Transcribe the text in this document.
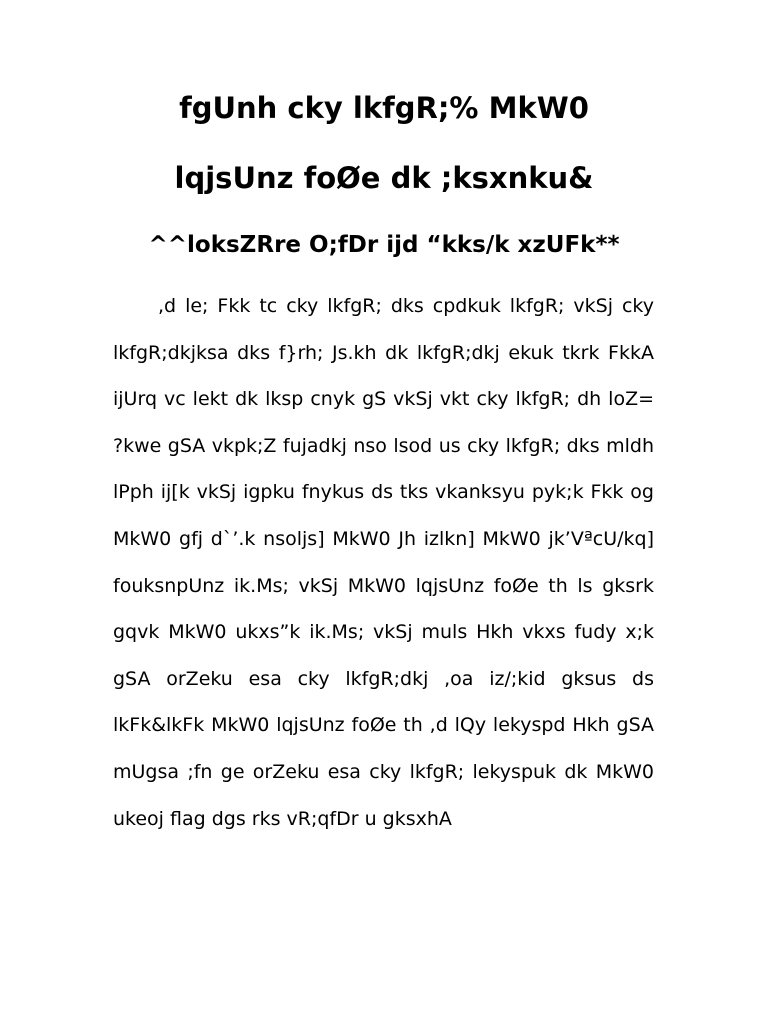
fgUnh cky lkfgR;% MkW0
lqjsUnz foØe dk ;ksxnku&
^^loksZRre O;fDr ijd “kks/k xzUFk**

,d le; Fkk tc cky lkfgR; dks cpdkuk lkfgR; vkSj cky lkfgR;dkjksa dks f}rh; Js.kh dk lkfgR;dkj ekuk tkrk FkkA ijUrq vc lekt dk lksp cnyk gS vkSj vkt cky lkfgR; dh loZ= ?kwe gSA vkpk;Z fujadkj nso lsod us cky lkfgR; dks mldh lPph ij[k vkSj igpku fnykus ds tks vkanksyu pyk;k Fkk og MkW0 gfj d`’.k nsoljs] MkW0 Jh izlkn] MkW0 jk’VªcU/kq] fouksnpUnz ik.Ms; vkSj MkW0 lqjsUnz foØe th ls gksrk gqvk MkW0 ukxs”k ik.Ms; vkSj muls Hkh vkxs fudy x;k gSA orZeku esa cky lkfgR;dkj ,oa iz/;kid gksus ds lkFk&lkFk MkW0 lqjsUnz foØe th ,d lQy lekyspd Hkh gSA mUgsa ;fn ge orZeku esa cky lkfgR; lekyspuk dk MkW0 ukeoj flag dgs rks vR;qfDr u gksxhA
